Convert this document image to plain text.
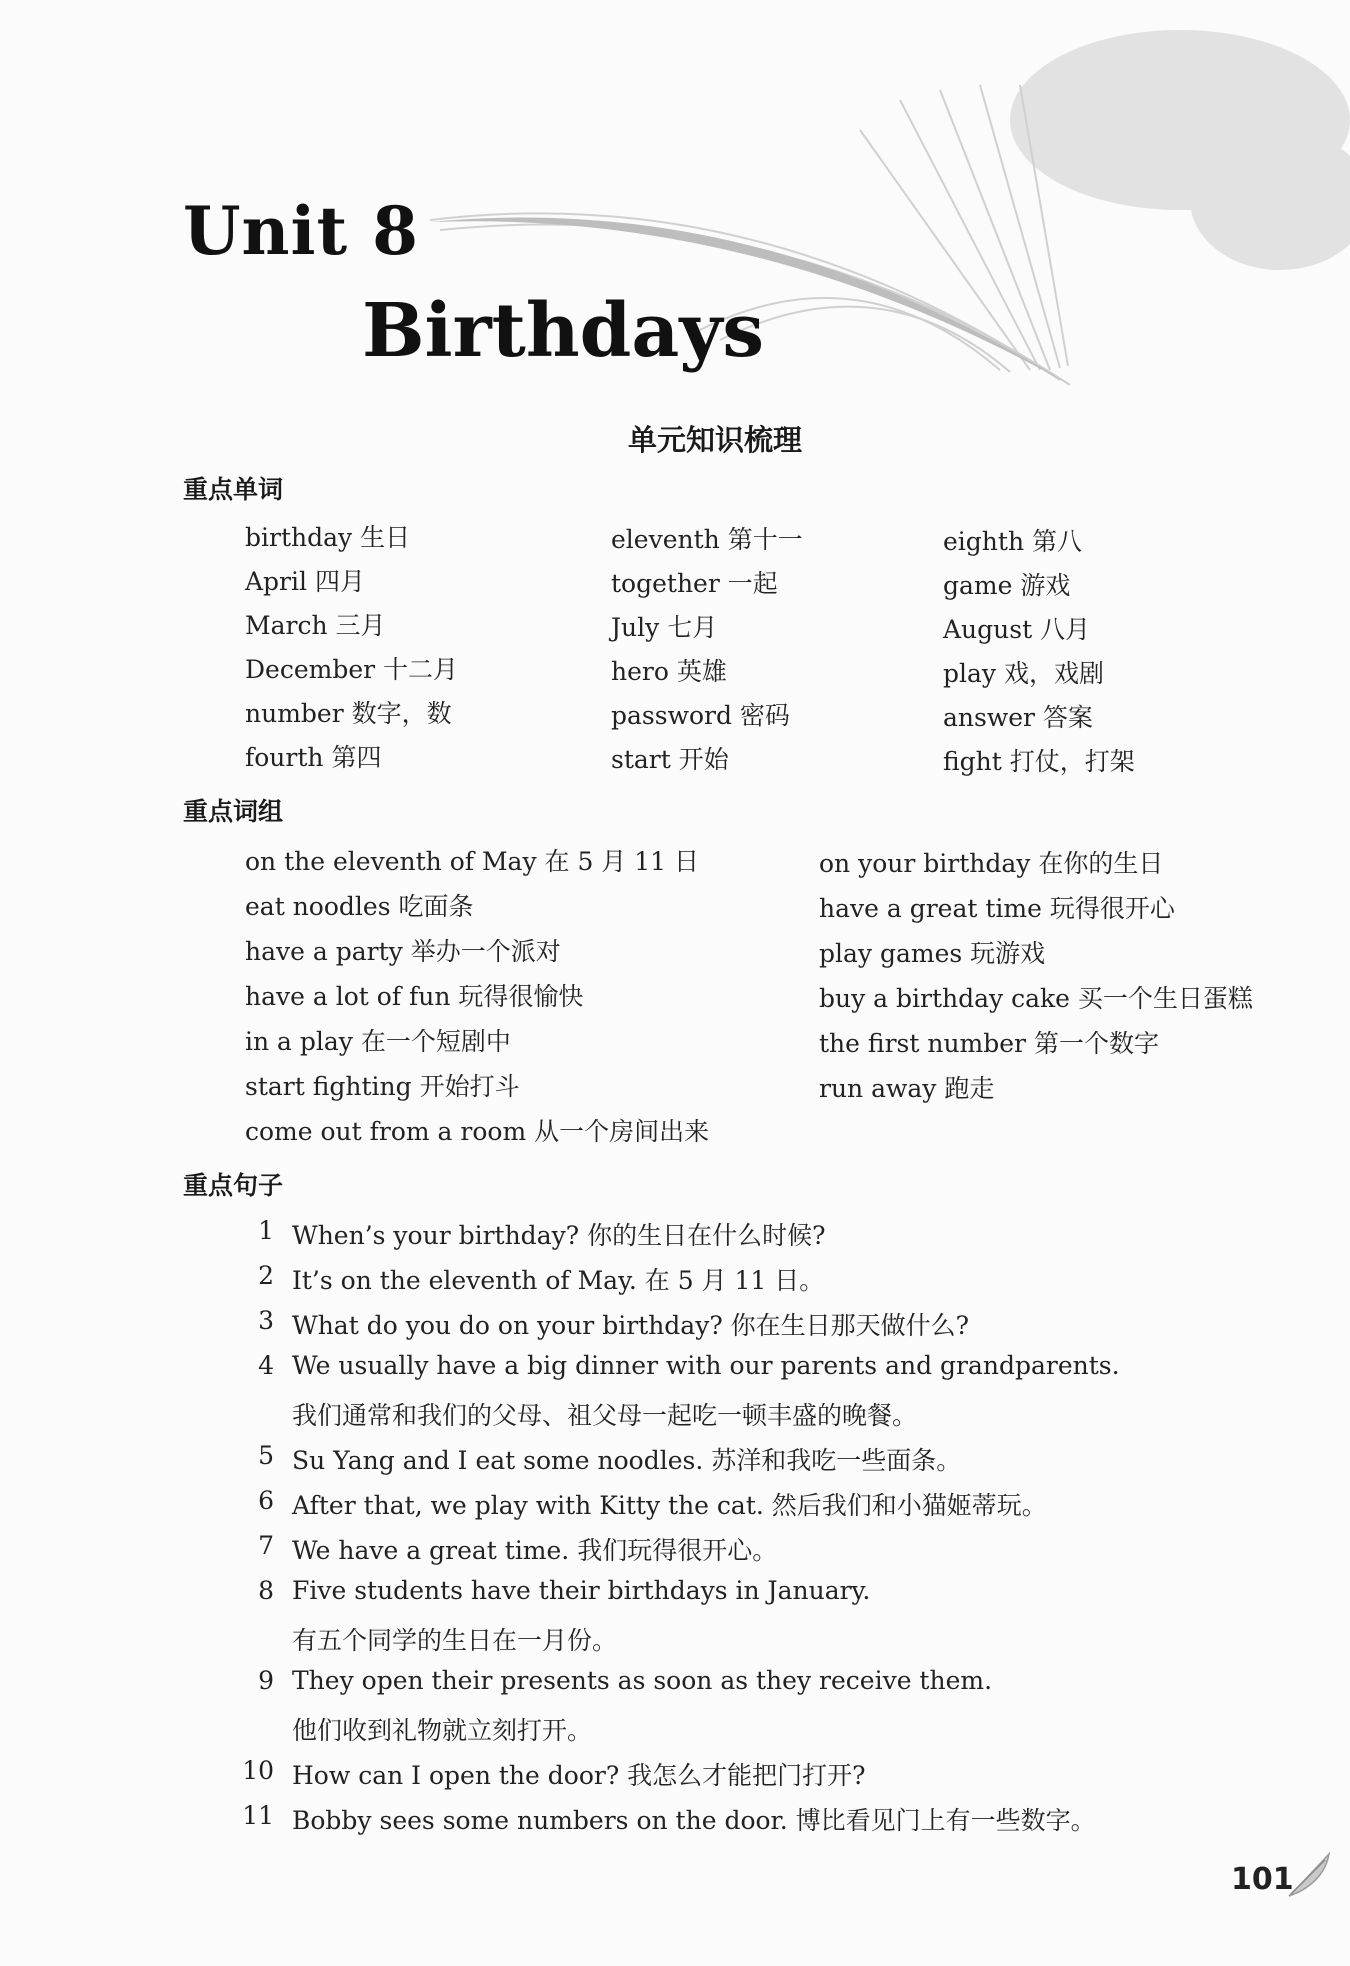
Unit 8
Birthdays
单元知识梳理
重点单词
birthday 生日
April 四月
March 三月
December 十二月
number 数字，数
fourth 第四
eleventh 第十一
together 一起
July 七月
hero 英雄
password 密码
start 开始
eighth 第八
game 游戏
August 八月
play 戏，戏剧
answer 答案
fight 打仗，打架
重点词组
on the eleventh of May 在 5 月 11 日
eat noodles 吃面条
have a party 举办一个派对
have a lot of fun 玩得很愉快
in a play 在一个短剧中
start fighting 开始打斗
come out from a room 从一个房间出来
on your birthday 在你的生日
have a great time 玩得很开心
play games 玩游戏
buy a birthday cake 买一个生日蛋糕
the first number 第一个数字
run away 跑走
重点句子
1 When’s your birthday? 你的生日在什么时候?
2 It’s on the eleventh of May. 在 5 月 11 日。
3 What do you do on your birthday? 你在生日那天做什么?
4 We usually have a big dinner with our parents and grandparents.
我们通常和我们的父母、祖父母一起吃一顿丰盛的晚餐。
5 Su Yang and I eat some noodles. 苏洋和我吃一些面条。
6 After that, we play with Kitty the cat. 然后我们和小猫姬蒂玩。
7 We have a great time. 我们玩得很开心。
8 Five students have their birthdays in January.
有五个同学的生日在一月份。
9 They open their presents as soon as they receive them.
他们收到礼物就立刻打开。
10 How can I open the door? 我怎么才能把门打开?
11 Bobby sees some numbers on the door. 博比看见门上有一些数字。
101
